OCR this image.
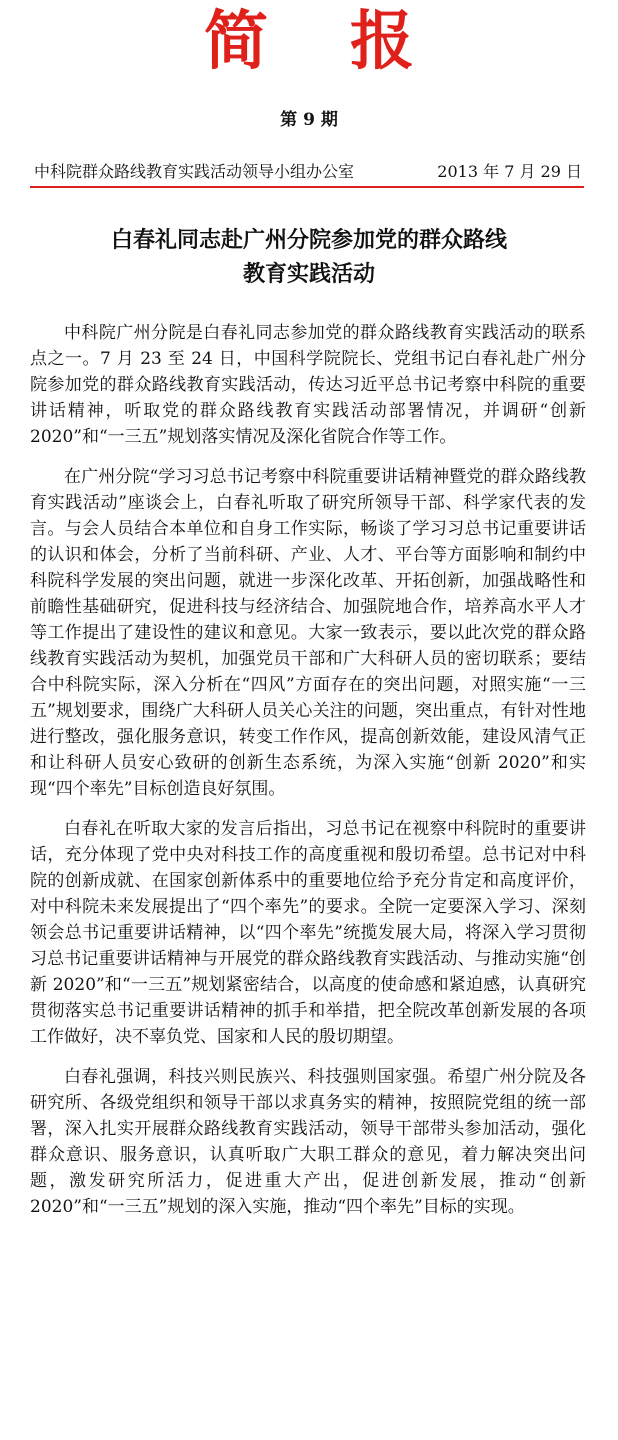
简报
第 9 期
中科院群众路线教育实践活动领导小组办公室	2013 年 7 月 29 日
白春礼同志赴广州分院参加党的群众路线
教育实践活动

中科院广州分院是白春礼同志参加党的群众路线教育实践活动的联系点之一。7 月 23 至 24 日，中国科学院院长、党组书记白春礼赴广州分院参加党的群众路线教育实践活动，传达习近平总书记考察中科院的重要讲话精神，听取党的群众路线教育实践活动部署情况，并调研“创新 2020”和“一三五”规划落实情况及深化省院合作等工作。

在广州分院“学习习总书记考察中科院重要讲话精神暨党的群众路线教育实践活动”座谈会上，白春礼听取了研究所领导干部、科学家代表的发言。与会人员结合本单位和自身工作实际，畅谈了学习习总书记重要讲话的认识和体会，分析了当前科研、产业、人才、平台等方面影响和制约中科院科学发展的突出问题，就进一步深化改革、开拓创新，加强战略性和前瞻性基础研究，促进科技与经济结合、加强院地合作，培养高水平人才等工作提出了建设性的建议和意见。大家一致表示，要以此次党的群众路线教育实践活动为契机，加强党员干部和广大科研人员的密切联系；要结合中科院实际，深入分析在“四风”方面存在的突出问题，对照实施“一三五”规划要求，围绕广大科研人员关心关注的问题，突出重点，有针对性地进行整改，强化服务意识，转变工作作风，提高创新效能，建设风清气正和让科研人员安心致研的创新生态系统，为深入实施“创新 2020”和实现“四个率先”目标创造良好氛围。

白春礼在听取大家的发言后指出，习总书记在视察中科院时的重要讲话，充分体现了党中央对科技工作的高度重视和殷切希望。总书记对中科院的创新成就、在国家创新体系中的重要地位给予充分肯定和高度评价，对中科院未来发展提出了“四个率先”的要求。全院一定要深入学习、深刻领会总书记重要讲话精神，以“四个率先”统揽发展大局，将深入学习贯彻习总书记重要讲话精神与开展党的群众路线教育实践活动、与推动实施“创新 2020”和“一三五”规划紧密结合，以高度的使命感和紧迫感，认真研究贯彻落实总书记重要讲话精神的抓手和举措，把全院改革创新发展的各项工作做好，决不辜负党、国家和人民的殷切期望。

白春礼强调，科技兴则民族兴、科技强则国家强。希望广州分院及各研究所、各级党组织和领导干部以求真务实的精神，按照院党组的统一部署，深入扎实开展群众路线教育实践活动，领导干部带头参加活动，强化群众意识、服务意识，认真听取广大职工群众的意见，着力解决突出问题，激发研究所活力，促进重大产出，促进创新发展，推动“创新 2020”和“一三五”规划的深入实施，推动“四个率先”目标的实现。
